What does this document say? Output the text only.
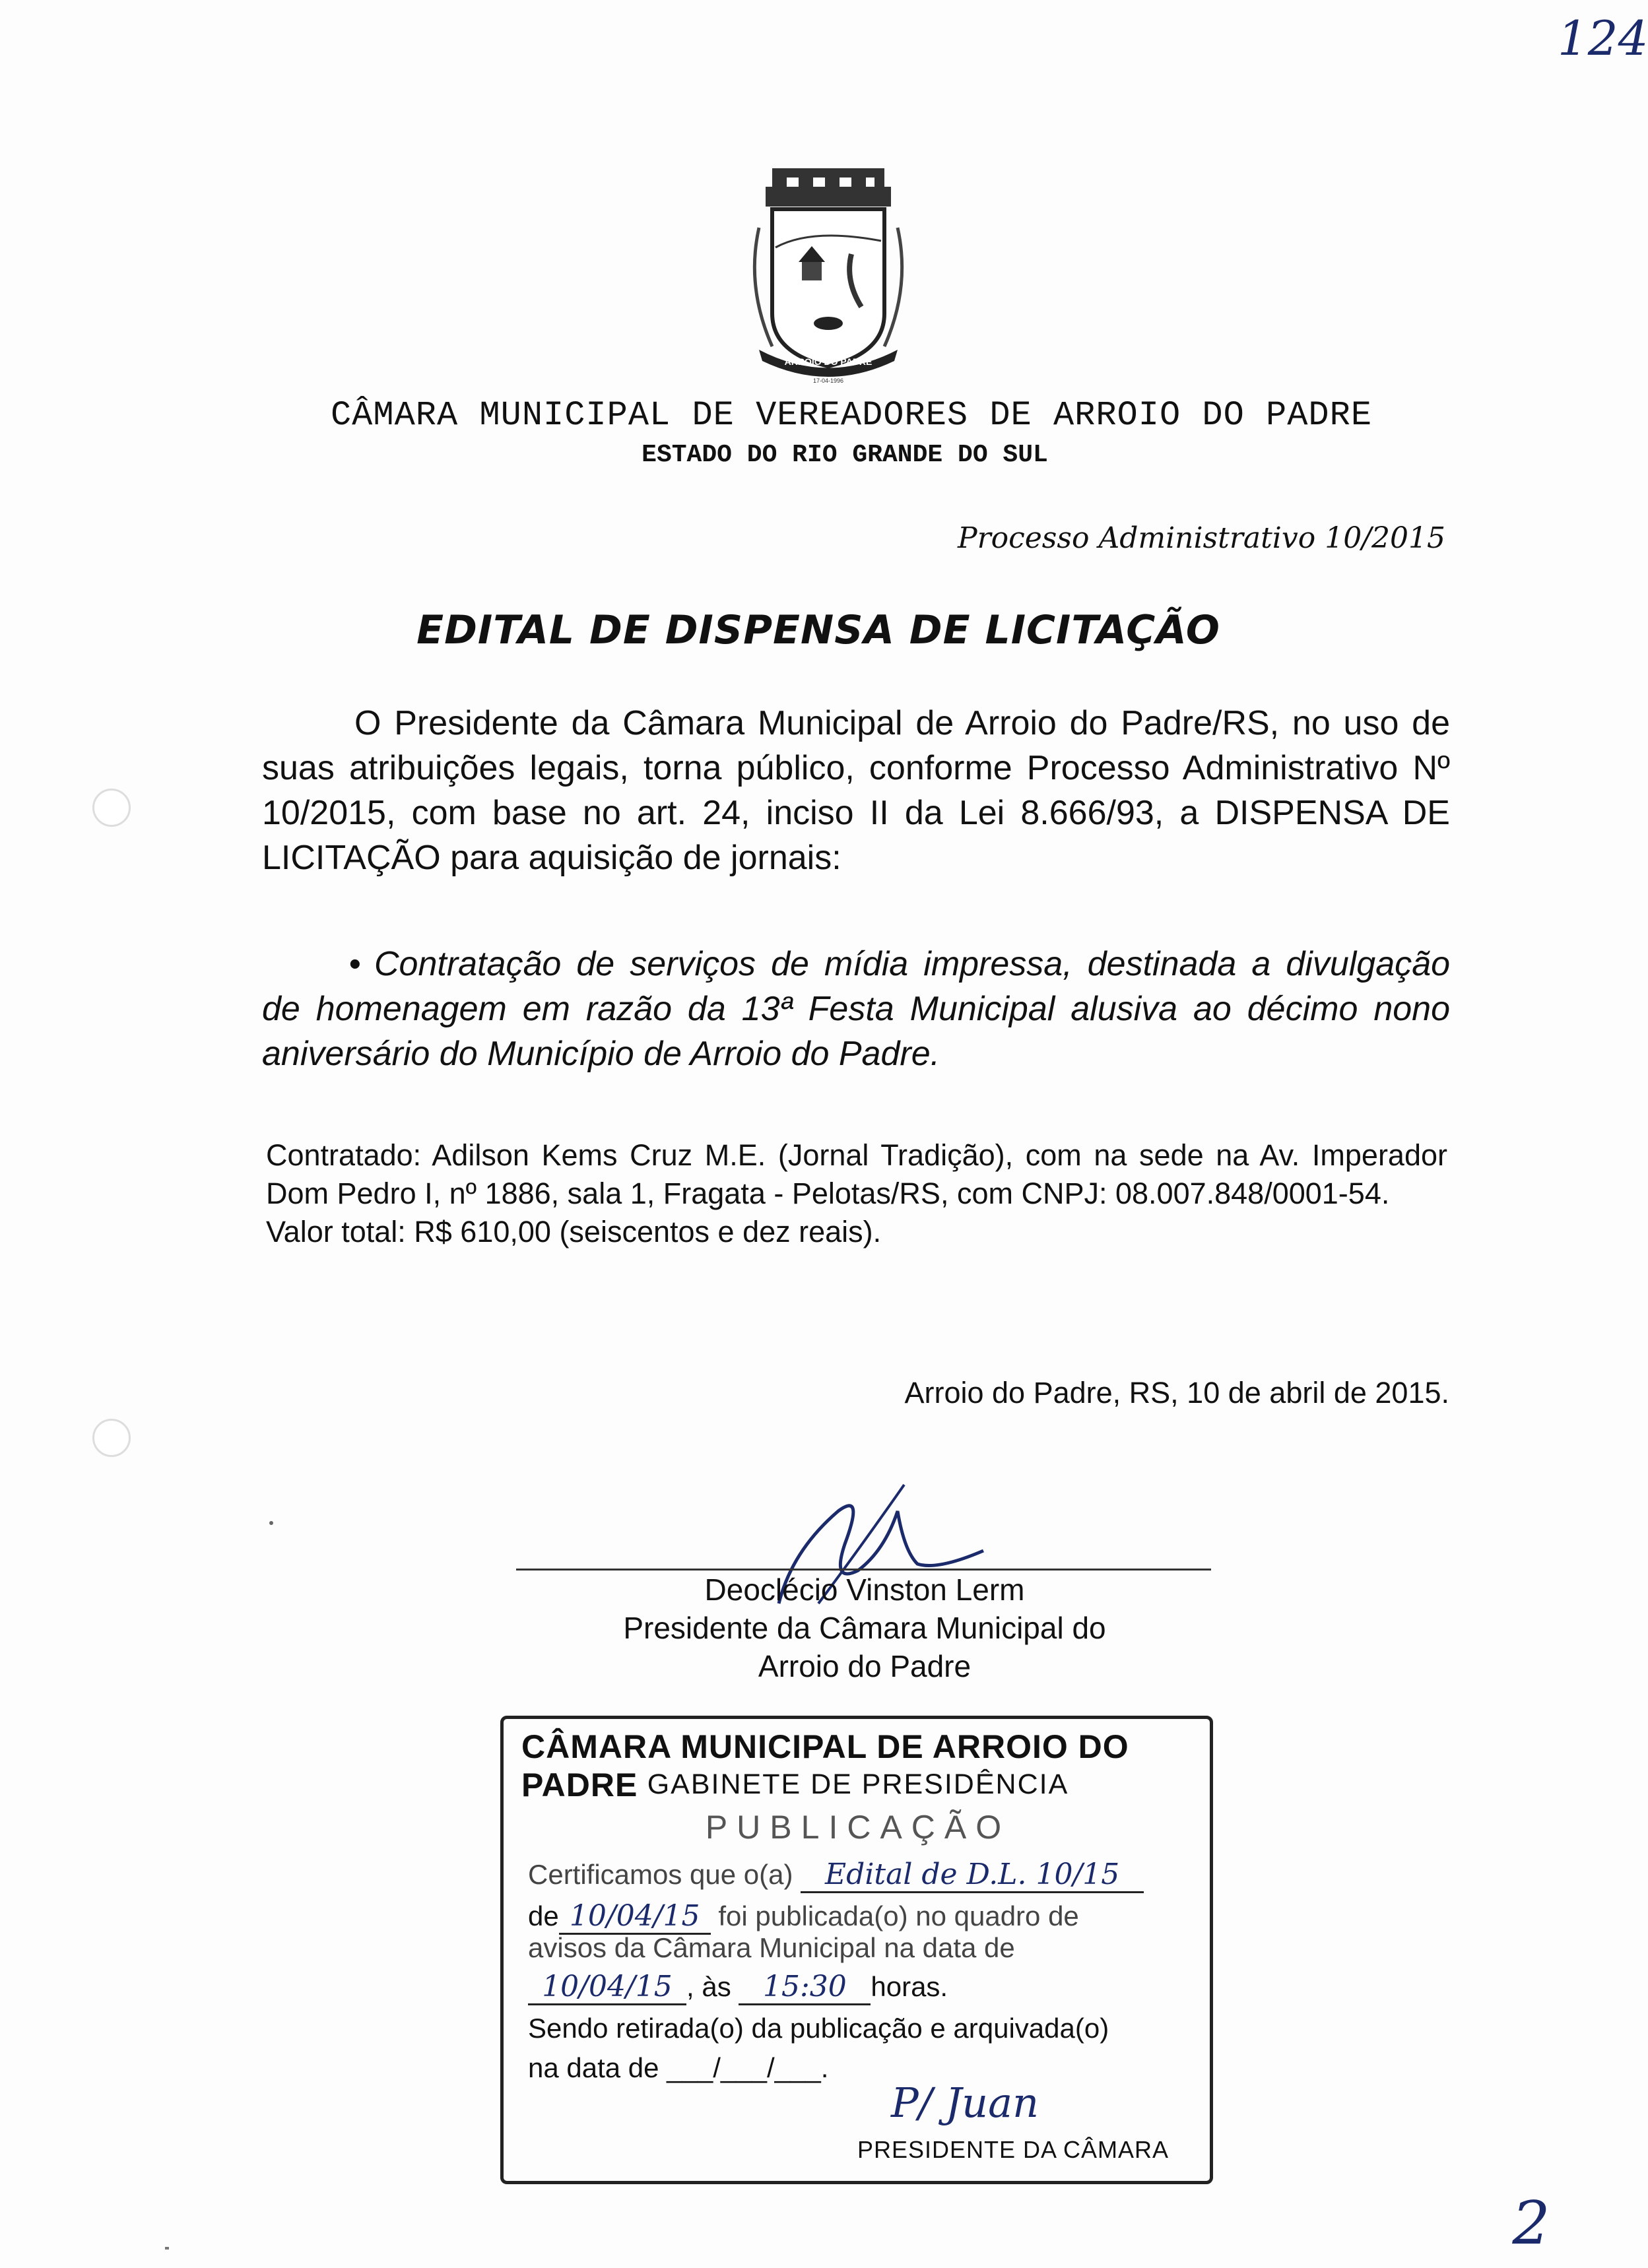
124
ARROIO DO PADRE
17-04-1996
CÂMARA MUNICIPAL DE VEREADORES DE ARROIO DO PADRE
ESTADO DO RIO GRANDE DO SUL
Processo Administrativo 10/2015
EDITAL DE DISPENSA DE LICITAÇÃO
O Presidente da Câmara Municipal de Arroio do Padre/RS, no uso de suas atribuições legais, torna público, conforme Processo Administrativo Nº 10/2015, com base no art. 24, inciso II da Lei 8.666/93, a DISPENSA DE LICITAÇÃO para aquisição de jornais:
• Contratação de serviços de mídia impressa, destinada a divulgação de homenagem em razão da 13ª Festa Municipal alusiva ao décimo nono aniversário do Município de Arroio do Padre.
Contratado: Adilson Kems Cruz M.E. (Jornal Tradição), com na sede na Av. Imperador Dom Pedro I, nº 1886, sala 1, Fragata - Pelotas/RS, com CNPJ: 08.007.848/0001-54.
Valor total: R$ 610,00 (seiscentos e dez reais).
Arroio do Padre, RS, 10 de abril de 2015.
Deoclécio Vinston Lerm
Presidente da Câmara Municipal do
Arroio do Padre
CÂMARA MUNICIPAL DE ARROIO DO PADRE GABINETE DE PRESIDÊNCIA
PUBLICAÇÃO
Certificamos que o(a) Edital de D.L. 10/15
de 10/04/15 foi publicada(o) no quadro de
avisos da Câmara Municipal na data de
10/04/15 , às 15:30 horas.
Sendo retirada(o) da publicação e arquivada(o)
na data de ___/___/___.
P/ Juan
PRESIDENTE DA CÂMARA
2
